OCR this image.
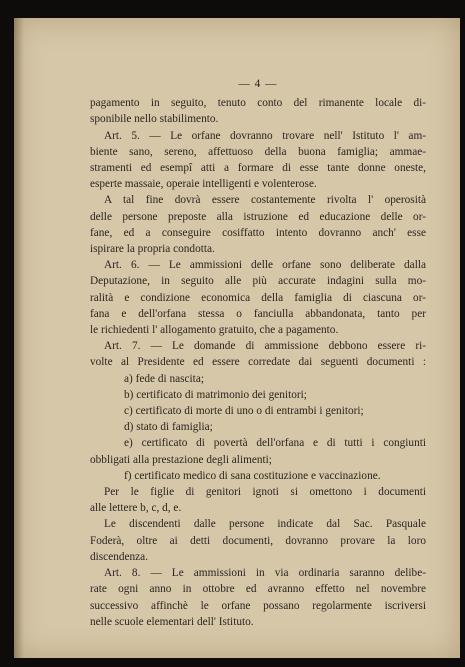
— 4 —
pagamento in seguito, tenuto conto del rimanente locale di-
sponibile nello stabilimento.
Art. 5. — Le orfane dovranno trovare nell' Istituto l' am-
biente sano, sereno, affettuoso della buona famiglia; ammae-
stramenti ed esempî atti a formare di esse tante donne oneste,
esperte massaie, operaie intelligenti e volenterose.
A tal fine dovrà essere costantemente rivolta l' operosità
delle persone preposte alla istruzione ed educazione delle or-
fane, ed a conseguire cosiffatto intento dovranno anch' esse
ispirare la propria condotta.
Art. 6. — Le ammissioni delle orfane sono deliberate dalla
Deputazione, in seguito alle più accurate indagini sulla mo-
ralità e condizione economica della famiglia di ciascuna or-
fana e dell'orfana stessa o fanciulla abbandonata, tanto per
le richiedenti l' allogamento gratuito, che a pagamento.
Art. 7. — Le domande di ammissione debbono essere ri-
volte al Presidente ed essere corredate dai seguenti documenti :
a) fede di nascita;
b) certificato di matrimonio dei genitori;
c) certificato di morte di uno o di entrambi i genitori;
d) stato di famiglia;
e) certificato di povertà dell'orfana e di tutti i congiunti
obbligati alla prestazione degli alimenti;
f) certificato medico di sana costituzione e vaccinazione.
Per le figlie di genitori ignoti si omettono i documenti
alle lettere b, c, d, e.
Le discendenti dalle persone indicate dal Sac. Pasquale
Foderà, oltre ai detti documenti, dovranno provare la loro
discendenza.
Art. 8. — Le ammissioni in via ordinaria saranno delibe-
rate ogni anno in ottobre ed avranno effetto nel novembre
successivo affinchè le orfane possano regolarmente iscriversi
nelle scuole elementari dell' Istituto.
